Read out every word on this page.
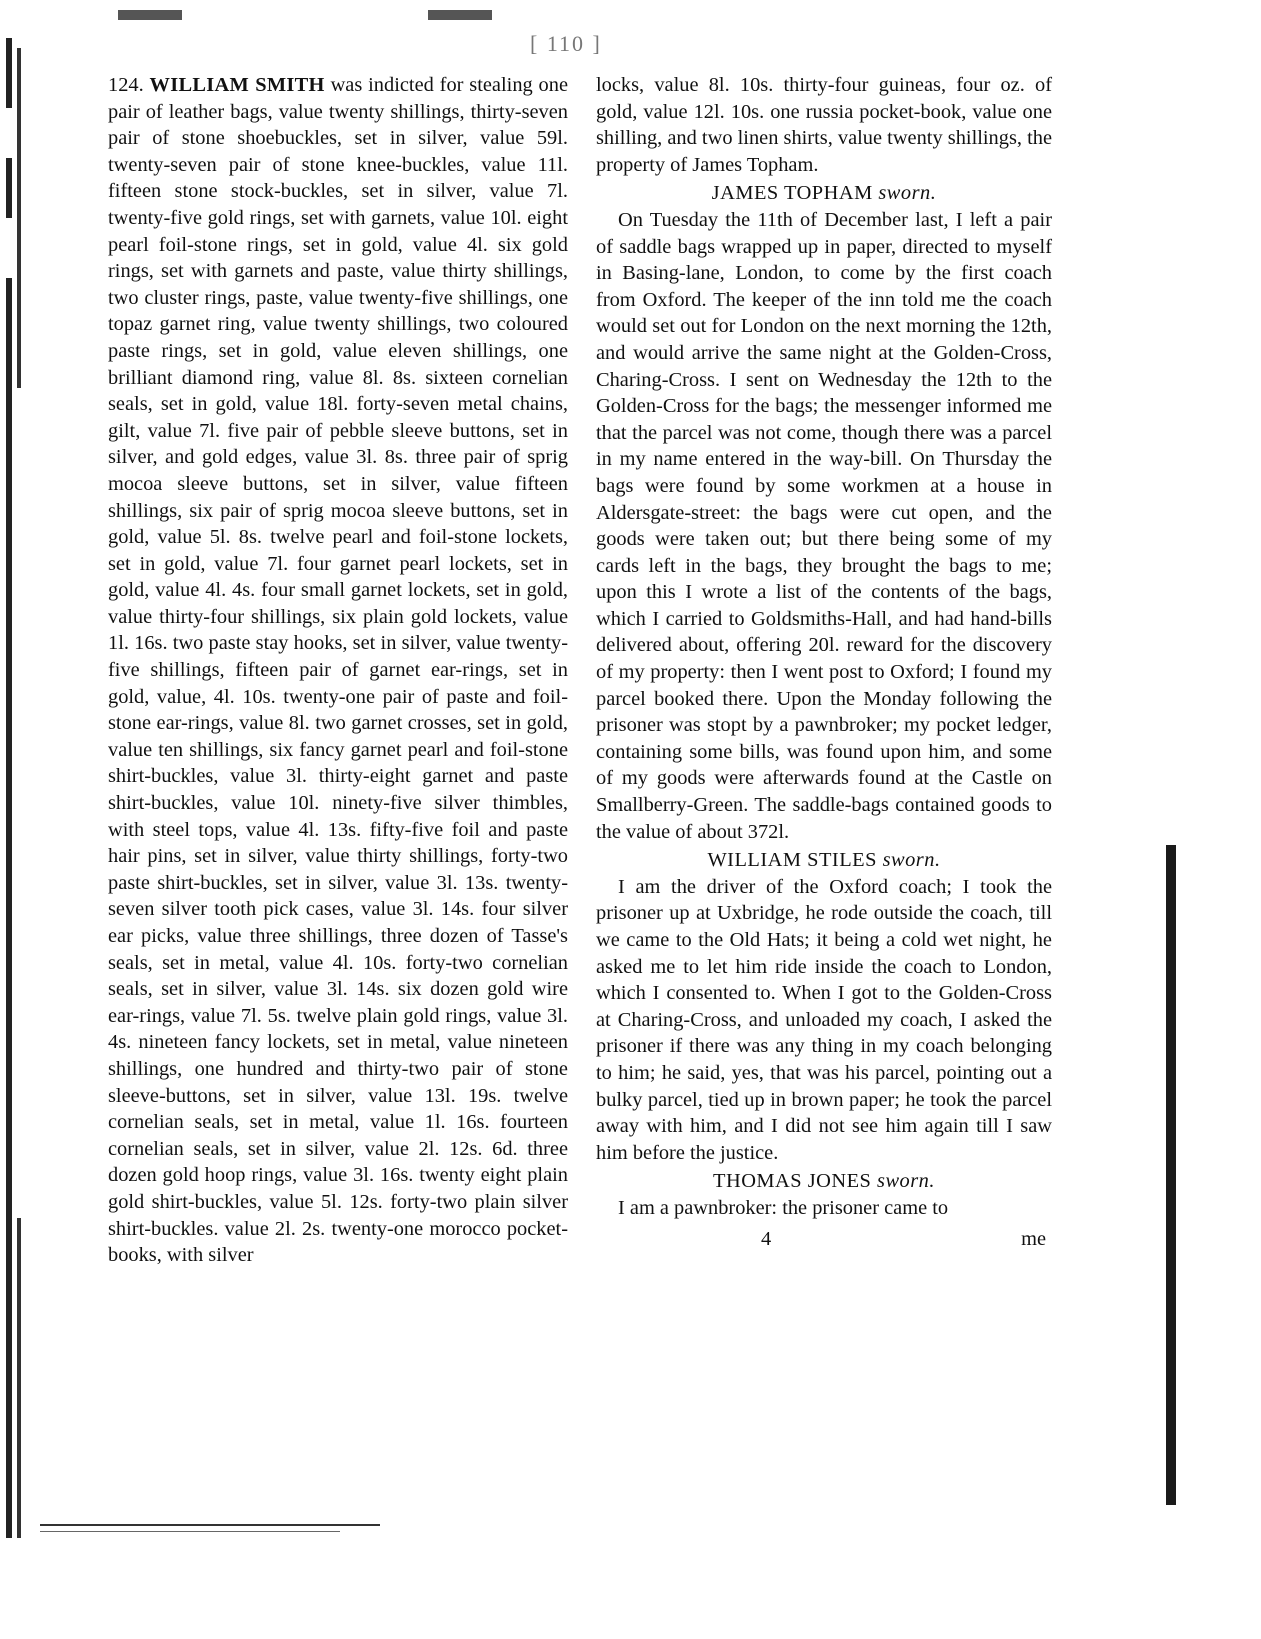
[ 110 ]

124. WILLIAM SMITH was indicted for stealing one pair of leather bags, value twenty shillings, thirty-seven pair of stone shoebuckles, set in silver, value 59l. twenty-seven pair of stone knee-buckles, value 11l. fifteen stone stock-buckles, set in silver, value 7l. twenty-five gold rings, set with garnets, value 10l. eight pearl foil-stone rings, set in gold, value 4l. six gold rings, set with garnets and paste, value thirty shillings, two cluster rings, paste, value twenty-five shillings, one topaz garnet ring, value twenty shillings, two coloured paste rings, set in gold, value eleven shillings, one brilliant diamond ring, value 8l. 8s. sixteen cornelian seals, set in gold, value 18l. forty-seven metal chains, gilt, value 7l. five pair of pebble sleeve buttons, set in silver, and gold edges, value 3l. 8s. three pair of sprig mocoa sleeve buttons, set in silver, value fifteen shillings, six pair of sprig mocoa sleeve buttons, set in gold, value 5l. 8s. twelve pearl and foil-stone lockets, set in gold, value 7l. four garnet pearl lockets, set in gold, value 4l. 4s. four small garnet lockets, set in gold, value thirty-four shillings, six plain gold lockets, value 1l. 16s. two paste stay hooks, set in silver, value twenty-five shillings, fifteen pair of garnet ear-rings, set in gold, value, 4l. 10s. twenty-one pair of paste and foil-stone ear-rings, value 8l. two garnet crosses, set in gold, value ten shillings, six fancy garnet pearl and foil-stone shirt-buckles, value 3l. thirty-eight garnet and paste shirt-buckles, value 10l. ninety-five silver thimbles, with steel tops, value 4l. 13s. fifty-five foil and paste hair pins, set in silver, value thirty shillings, forty-two paste shirt-buckles, set in silver, value 3l. 13s. twenty-seven silver tooth pick cases, value 3l. 14s. four silver ear picks, value three shillings, three dozen of Tasse's seals, set in metal, value 4l. 10s. forty-two cornelian seals, set in silver, value 3l. 14s. six dozen gold wire ear-rings, value 7l. 5s. twelve plain gold rings, value 3l. 4s. nineteen fancy lockets, set in metal, value nineteen shillings, one hundred and thirty-two pair of stone sleeve-buttons, set in silver, value 13l. 19s. twelve cornelian seals, set in metal, value 1l. 16s. fourteen cornelian seals, set in silver, value 2l. 12s. 6d. three dozen gold hoop rings, value 3l. 16s. twenty eight plain gold shirt-buckles, value 5l. 12s. forty-two plain silver shirt-buckles. value 2l. 2s. twenty-one morocco pocket-books, with silver

locks, value 8l. 10s. thirty-four guineas, four oz. of gold, value 12l. 10s. one russia pocket-book, value one shilling, and two linen shirts, value twenty shillings, the property of James Topham.

JAMES TOPHAM sworn.

On Tuesday the 11th of December last, I left a pair of saddle bags wrapped up in paper, directed to myself in Basing-lane, London, to come by the first coach from Oxford. The keeper of the inn told me the coach would set out for London on the next morning the 12th, and would arrive the same night at the Golden-Cross, Charing-Cross. I sent on Wednesday the 12th to the Golden-Cross for the bags; the messenger informed me that the parcel was not come, though there was a parcel in my name entered in the way-bill. On Thursday the bags were found by some workmen at a house in Aldersgate-street: the bags were cut open, and the goods were taken out; but there being some of my cards left in the bags, they brought the bags to me; upon this I wrote a list of the contents of the bags, which I carried to Goldsmiths-Hall, and had hand-bills delivered about, offering 20l. reward for the discovery of my property: then I went post to Oxford; I found my parcel booked there. Upon the Monday following the prisoner was stopt by a pawnbroker; my pocket ledger, containing some bills, was found upon him, and some of my goods were afterwards found at the Castle on Smallberry-Green. The saddle-bags contained goods to the value of about 372l.

WILLIAM STILES sworn.

I am the driver of the Oxford coach; I took the prisoner up at Uxbridge, he rode outside the coach, till we came to the Old Hats; it being a cold wet night, he asked me to let him ride inside the coach to London, which I consented to. When I got to the Golden-Cross at Charing-Cross, and unloaded my coach, I asked the prisoner if there was any thing in my coach belonging to him; he said, yes, that was his parcel, pointing out a bulky parcel, tied up in brown paper; he took the parcel away with him, and I did not see him again till I saw him before the justice.

THOMAS JONES sworn.

I am a pawnbroker: the prisoner came to

4	me
